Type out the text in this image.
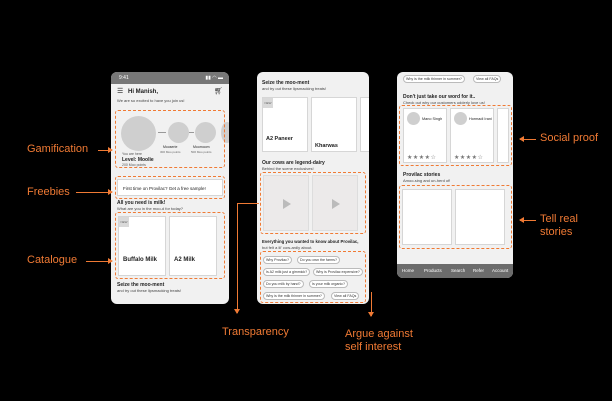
9:41	▮▮ ◠ ▬
☰ Hi Manish,
We are so excited to have you join us!
🛒︎
You are here
Level: Moolie
200 Moo points
Mooserie
300 Moo points
Moomoom
500 Moo points
First time on Provilac? Get a free sample!
All you need is milk!
What are you in the moo-d for today?
NEW
Buffalo Milk	A2 Milk
Seize the moo-ment
and try out these lipsmacking treats!
Seize the moo-ment
and try out these lipsmacking treats!
NEW
A2 Paneer
Kharwas
Our cows are legend-dairy
Behind the scene exclusives!
Everything you wanted to know about Provilac,
but felt a lil' cow-ardly about.
Why Provilac?	Do you own the farms?
Is A2 milk just a gimmick?	Why is Provilac expensive?
Do you milk by hand?	Is your milk organic?
Why is the milk thinner in summer?	View all FAQs
Why is the milk thinner in summer?	View all FAQs
Don't just take our word for it..
Check out why our customers udderly love us!
Mano Singh
★★★★☆
Hormadi Irani
★★★★☆
Provilac stories
Amoo-sing and un-herd of!
Home Products Search Refer Account
Gamification
Freebies
Catalogue
Transparency	Argue against self interest
Social proof
Tell real stories
